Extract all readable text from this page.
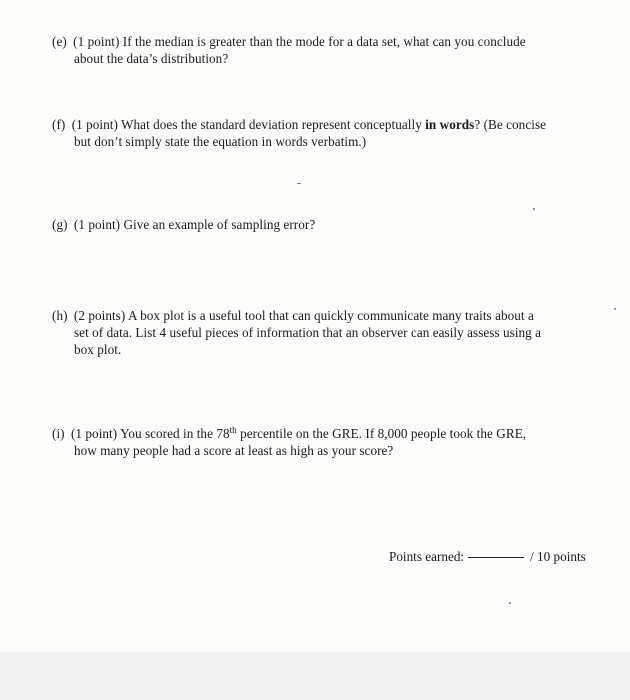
(e) (1 point) If the median is greater than the mode for a data set, what can you conclude
about the data’s distribution?
(f) (1 point) What does the standard deviation represent conceptually in words? (Be concise
but don’t simply state the equation in words verbatim.)
(g) (1 point) Give an example of sampling error?
(h) (2 points) A box plot is a useful tool that can quickly communicate many traits about a
set of data. List 4 useful pieces of information that an observer can easily assess using a
box plot.
(i) (1 point) You scored in the 78th percentile on the GRE. If 8,000 people took the GRE,
how many people had a score at least as high as your score?
Points earned:	/ 10 points
